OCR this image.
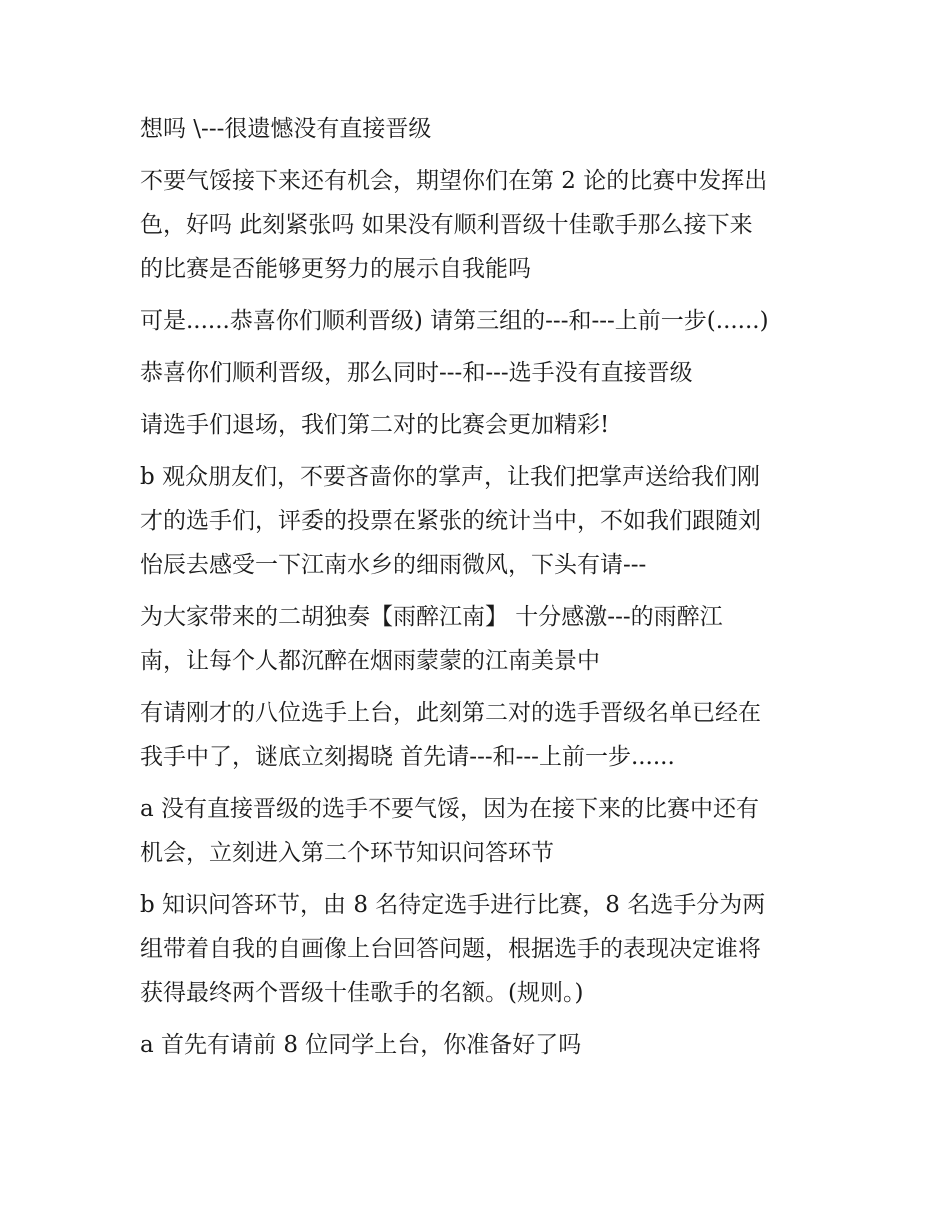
想吗 \---很遗憾没有直接晋级

不要气馁接下来还有机会，期望你们在第 2 论的比赛中发挥出

色，好吗 此刻紧张吗 如果没有顺利晋级十佳歌手那么接下来

的比赛是否能够更努力的展示自我能吗

可是......恭喜你们顺利晋级) 请第三组的---和---上前一步(......)

恭喜你们顺利晋级，那么同时---和---选手没有直接晋级

请选手们退场，我们第二对的比赛会更加精彩!

b 观众朋友们，不要吝啬你的掌声，让我们把掌声送给我们刚

才的选手们，评委的投票在紧张的统计当中，不如我们跟随刘

怡辰去感受一下江南水乡的细雨微风，下头有请---

为大家带来的二胡独奏【雨醉江南】 十分感激---的雨醉江

南，让每个人都沉醉在烟雨蒙蒙的江南美景中

有请刚才的八位选手上台，此刻第二对的选手晋级名单已经在

我手中了，谜底立刻揭晓 首先请---和---上前一步......

a 没有直接晋级的选手不要气馁，因为在接下来的比赛中还有

机会，立刻进入第二个环节知识问答环节

b 知识问答环节，由 8 名待定选手进行比赛，8 名选手分为两

组带着自我的自画像上台回答问题，根据选手的表现决定谁将

获得最终两个晋级十佳歌手的名额。(规则。)

a 首先有请前 8 位同学上台，你准备好了吗
